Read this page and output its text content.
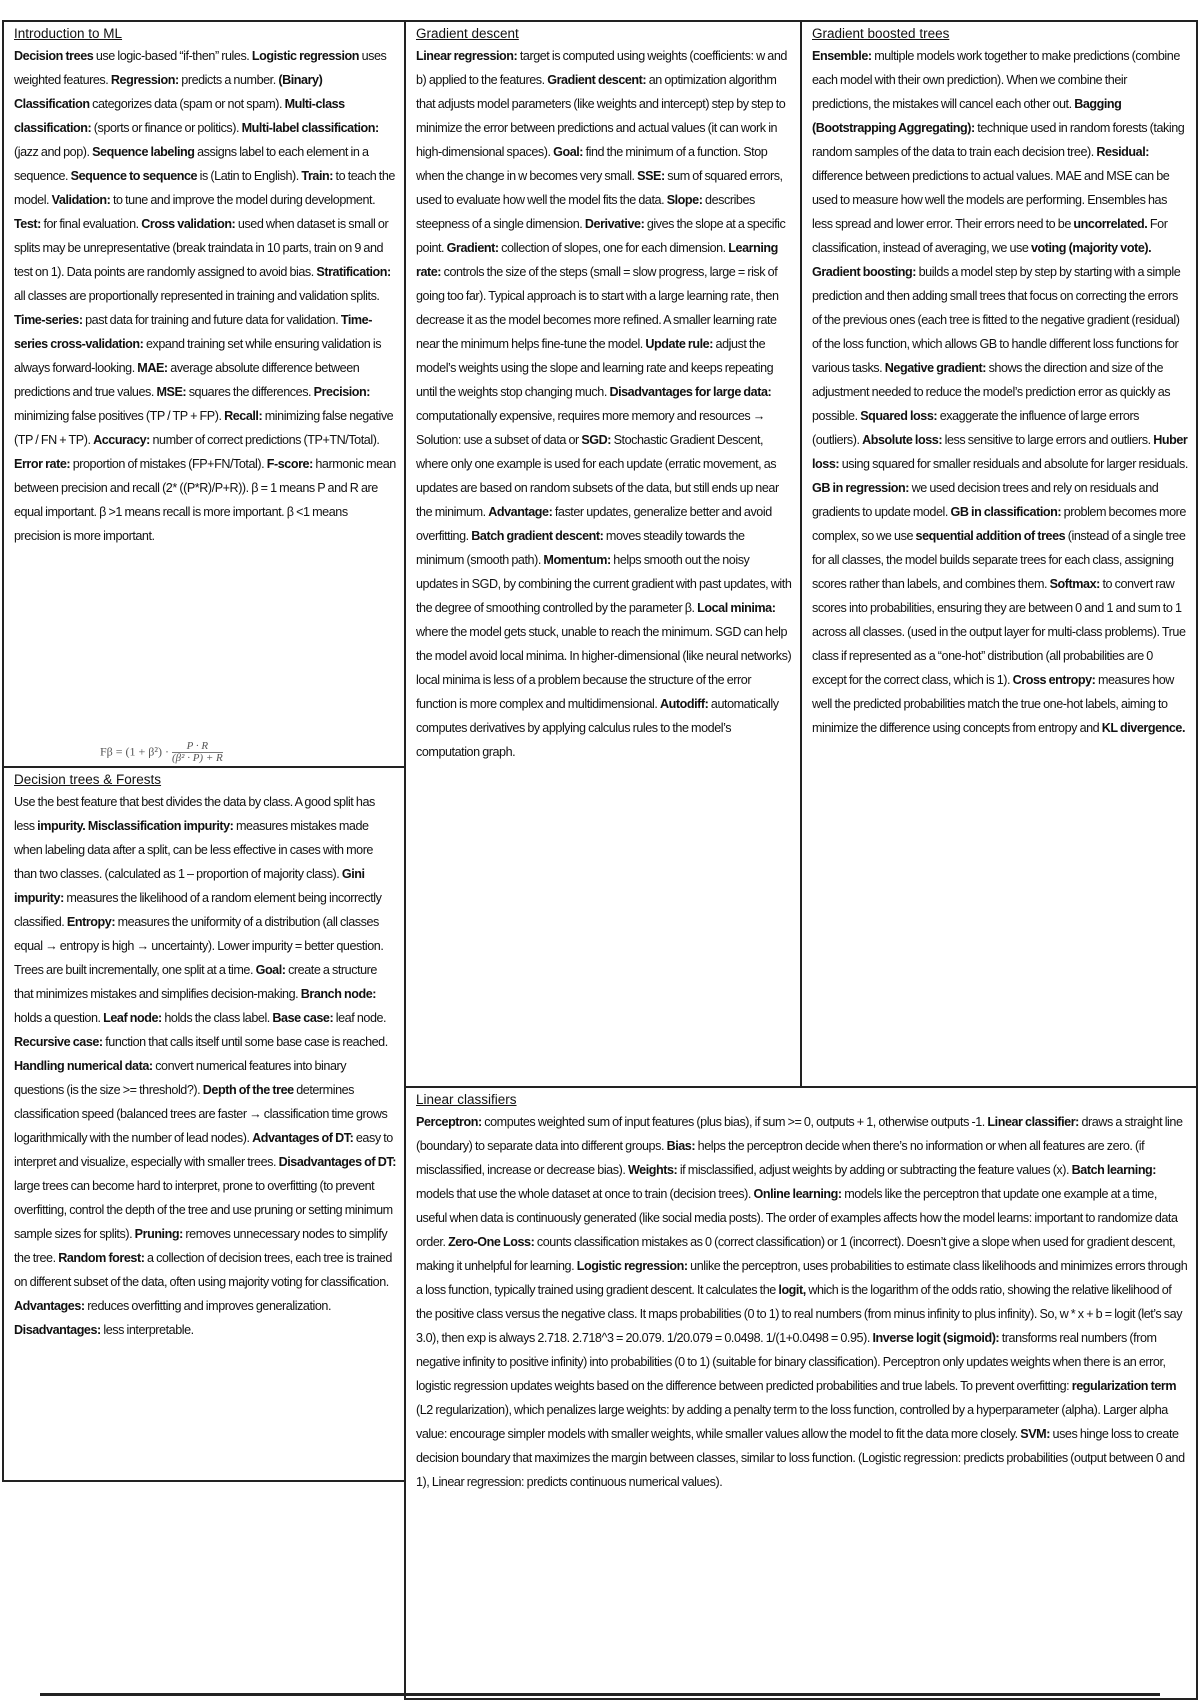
Introduction to ML

Decision trees use logic-based “if-then” rules. Logistic regression uses weighted features. Regression: predicts a number. (Binary) Classification categorizes data (spam or not spam). Multi-class classification: (sports or finance or politics). Multi-label classification: (jazz and pop). Sequence labeling assigns label to each element in a sequence. Sequence to sequence is (Latin to English). Train: to teach the model. Validation: to tune and improve the model during development. Test: for final evaluation. Cross validation: used when dataset is small or splits may be unrepresentative (break traindata in 10 parts, train on 9 and test on 1). Data points are randomly assigned to avoid bias. Stratification: all classes are proportionally represented in training and validation splits. Time-series: past data for training and future data for validation. Time-series cross-validation: expand training set while ensuring validation is always forward-looking. MAE: average absolute difference between predictions and true values. MSE: squares the differences. Precision: minimizing false positives (TP / TP + FP). Recall: minimizing false negative (TP / FN + TP). Accuracy: number of correct predictions (TP+TN/Total). Error rate: proportion of mistakes (FP+FN/Total). F-score: harmonic mean between precision and recall (2* ((P*R)/P+R)). β = 1 means P and R are equal important. β >1 means recall is more important. β <1 means precision is more important.

$F\beta = (1 + \beta^2) \cdot \frac{P \cdot R}{\text{(β² · P) + R}}$
Decision trees & Forests

Use the best feature that best divides the data by class. A good split has less impurity. Misclassification impurity: measures mistakes made when labeling data after a split, can be less effective in cases with more than two classes. (calculated as 1 – proportion of majority class). Gini impurity: measures the likelihood of a random element being incorrectly classified. Entropy: measures the uniformity of a distribution (all classes equal → entropy is high → uncertainty). Lower impurity = better question. Trees are built incrementally, one split at a time. Goal: create a structure that minimizes mistakes and simplifies decision-making. Branch node: holds a question. Leaf node: holds the class label. Base case: leaf node. Recursive case: function that calls itself until some base case is reached. Handling numerical data: convert numerical features into binary questions (is the size >= threshold?). Depth of the tree determines classification speed (balanced trees are faster → classification time grows logarithmically with the number of lead nodes). Advantages of DT: easy to interpret and visualize, especially with smaller trees. Disadvantages of DT: large trees can become hard to interpret, prone to overfitting (to prevent overfitting, control the depth of the tree and use pruning or setting minimum sample sizes for splits). Pruning: removes unnecessary nodes to simplify the tree. Random forest: a collection of decision trees, each tree is trained on different subset of the data, often using majority voting for classification. Advantages: reduces overfitting and improves generalization. Disadvantages: less interpretable.

Gradient descent

Linear regression: target is computed using weights (coefficients: w and b) applied to the features. Gradient descent: an optimization algorithm that adjusts model parameters (like weights and intercept) step by step to minimize the error between predictions and actual values (it can work in high-dimensional spaces). Goal: find the minimum of a function. Stop when the change in w becomes very small. SSE: sum of squared errors, used to evaluate how well the model fits the data. Slope: describes steepness of a single dimension. Derivative: gives the slope at a specific point. Gradient: collection of slopes, one for each dimension. Learning rate: controls the size of the steps (small = slow progress, large = risk of going too far). Typical approach is to start with a large learning rate, then decrease it as the model becomes more refined. A smaller learning rate near the minimum helps fine-tune the model. Update rule: adjust the model’s weights using the slope and learning rate and keeps repeating until the weights stop changing much. Disadvantages for large data: computationally expensive, requires more memory and resources → Solution: use a subset of data or SGD: Stochastic Gradient Descent, where only one example is used for each update (erratic movement, as updates are based on random subsets of the data, but still ends up near the minimum. Advantage: faster updates, generalize better and avoid overfitting. Batch gradient descent: moves steadily towards the minimum (smooth path). Momentum: helps smooth out the noisy updates in SGD, by combining the current gradient with past updates, with the degree of smoothing controlled by the parameter β. Local minima: where the model gets stuck, unable to reach the minimum. SGD can help the model avoid local minima. In higher-dimensional (like neural networks) local minima is less of a problem because the structure of the error function is more complex and multidimensional. Autodiff: automatically computes derivatives by applying calculus rules to the model’s computation graph.

Gradient boosted trees

Ensemble: multiple models work together to make predictions (combine each model with their own prediction). When we combine their predictions, the mistakes will cancel each other out. Bagging (Bootstrapping Aggregating): technique used in random forests (taking random samples of the data to train each decision tree). Residual: difference between predictions to actual values. MAE and MSE can be used to measure how well the models are performing. Ensembles has less spread and lower error. Their errors need to be uncorrelated. For classification, instead of averaging, we use voting (majority vote). Gradient boosting: builds a model step by step by starting with a simple prediction and then adding small trees that focus on correcting the errors of the previous ones (each tree is fitted to the negative gradient (residual) of the loss function, which allows GB to handle different loss functions for various tasks. Negative gradient: shows the direction and size of the adjustment needed to reduce the model’s prediction error as quickly as possible. Squared loss: exaggerate the influence of large errors (outliers). Absolute loss: less sensitive to large errors and outliers. Huber loss: using squared for smaller residuals and absolute for larger residuals. GB in regression: we used decision trees and rely on residuals and gradients to update model. GB in classification: problem becomes more complex, so we use sequential addition of trees (instead of a single tree for all classes, the model builds separate trees for each class, assigning scores rather than labels, and combines them. Softmax: to convert raw scores into probabilities, ensuring they are between 0 and 1 and sum to 1 across all classes. (used in the output layer for multi-class problems). True class if represented as a “one-hot” distribution (all probabilities are 0 except for the correct class, which is 1). Cross entropy: measures how well the predicted probabilities match the true one-hot labels, aiming to minimize the difference using concepts from entropy and KL divergence.

Linear classifiers

Perceptron: computes weighted sum of input features (plus bias), if sum >= 0, outputs + 1, otherwise outputs -1. Linear classifier: draws a straight line (boundary) to separate data into different groups. Bias: helps the perceptron decide when there’s no information or when all features are zero. (if misclassified, increase or decrease bias). Weights: if misclassified, adjust weights by adding or subtracting the feature values (x). Batch learning: models that use the whole dataset at once to train (decision trees). Online learning: models like the perceptron that update one example at a time, useful when data is continuously generated (like social media posts). The order of examples affects how the model learns: important to randomize data order. Zero-One Loss: counts classification mistakes as 0 (correct classification) or 1 (incorrect). Doesn’t give a slope when used for gradient descent, making it unhelpful for learning. Logistic regression: unlike the perceptron, uses probabilities to estimate class likelihoods and minimizes errors through a loss function, typically trained using gradient descent. It calculates the logit, which is the logarithm of the odds ratio, showing the relative likelihood of the positive class versus the negative class. It maps probabilities (0 to 1) to real numbers (from minus infinity to plus infinity). So, w * x + b = logit (let’s say 3.0), then exp is always 2.718. 2.718^3 = 20.079. 1/20.079 = 0.0498. 1/(1+0.0498 = 0.95). Inverse logit (sigmoid): transforms real numbers (from negative infinity to positive infinity) into probabilities (0 to 1) (suitable for binary classification). Perceptron only updates weights when there is an error, logistic regression updates weights based on the difference between predicted probabilities and true labels. To prevent overfitting: regularization term (L2 regularization), which penalizes large weights: by adding a penalty term to the loss function, controlled by a hyperparameter (alpha). Larger alpha value: encourage simpler models with smaller weights, while smaller values allow the model to fit the data more closely. SVM: uses hinge loss to create decision boundary that maximizes the margin between classes, similar to loss function. (Logistic regression: predicts probabilities (output between 0 and 1), Linear regression: predicts continuous numerical values).
